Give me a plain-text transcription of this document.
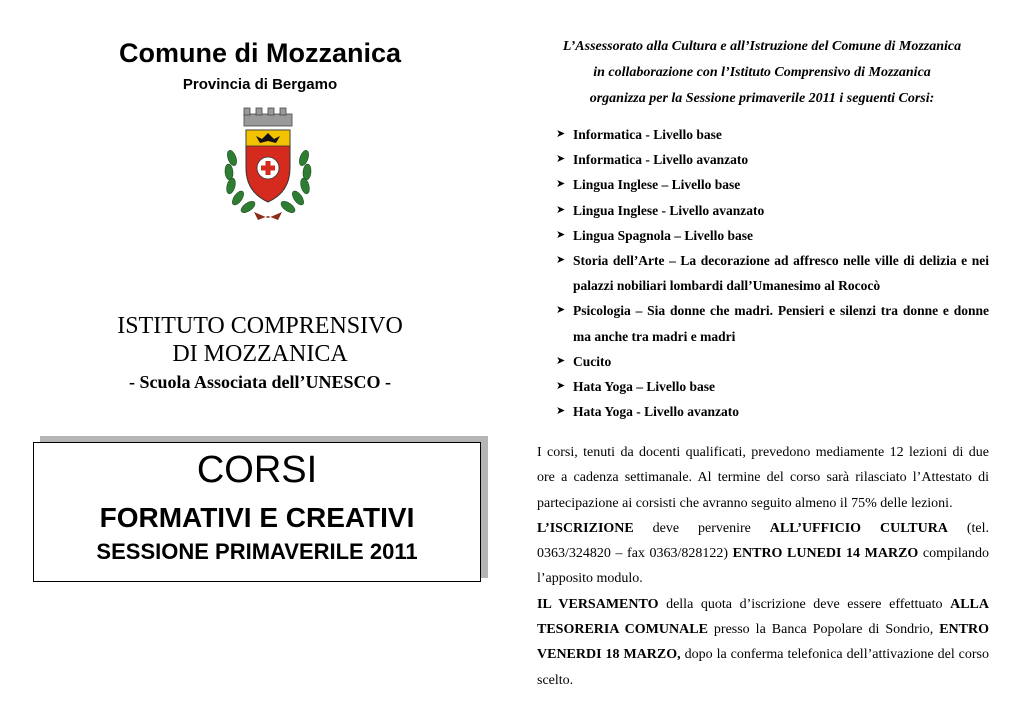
Comune di Mozzanica
Provincia di Bergamo
ISTITUTO COMPRENSIVO
DI MOZZANICA
- Scuola Associata dell’UNESCO -
CORSI
FORMATIVI E CREATIVI
SESSIONE PRIMAVERILE 2011
L’Assessorato alla Cultura e all’Istruzione del Comune di Mozzanica
in collaborazione con l’Istituto Comprensivo di Mozzanica
organizza per la Sessione primaverile 2011 i seguenti Corsi:
➤ Informatica - Livello base
➤ Informatica - Livello avanzato
➤ Lingua Inglese – Livello base
➤ Lingua Inglese - Livello avanzato
➤ Lingua Spagnola – Livello base
➤ Storia dell’Arte – La decorazione ad affresco nelle ville di delizia e nei palazzi nobiliari lombardi dall’Umanesimo al Rococò
➤ Psicologia – Sia donne che madri. Pensieri e silenzi tra donne e donne ma anche tra madri e madri
➤ Cucito
➤ Hata Yoga – Livello base
➤ Hata Yoga - Livello avanzato

I corsi, tenuti da docenti qualificati, prevedono mediamente 12 lezioni di due ore a cadenza settimanale. Al termine del corso sarà rilasciato l’Attestato di partecipazione ai corsisti che avranno seguito almeno il 75% delle lezioni.

L’ISCRIZIONE deve pervenire ALL’UFFICIO CULTURA (tel. 0363/324820 – fax 0363/828122) ENTRO LUNEDI 14 MARZO compilando l’apposito modulo.

IL VERSAMENTO della quota d’iscrizione deve essere effettuato ALLA TESORERIA COMUNALE presso la Banca Popolare di Sondrio, ENTRO VENERDI 18 MARZO, dopo la conferma telefonica dell’attivazione del corso scelto.
